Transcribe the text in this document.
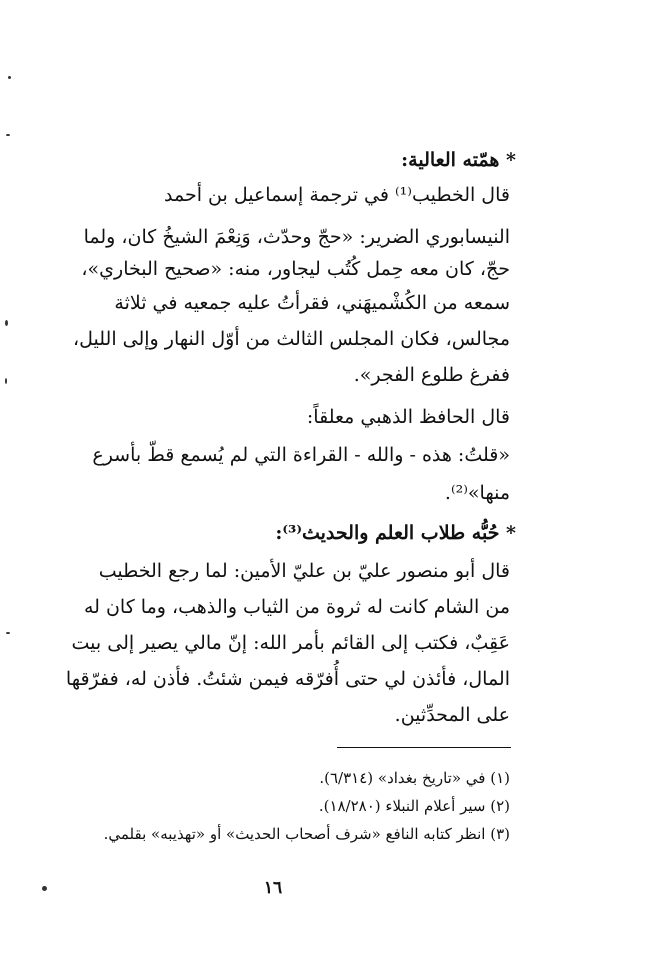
* همّته العالية:
قال الخطيب⁽¹⁾ في ترجمة إسماعيل بن أحمد
النيسابوري الضرير: «حجّ وحدّث، وَنِعْمَ الشيخُ كان، ولما
حجّ، كان معه حِمل كُتُب ليجاور، منه: «صحيح البخاري»،
سمعه من الكُشْميهَني، فقرأتُ عليه جمعيه في ثلاثة
مجالس، فكان المجلس الثالث من أوّل النهار وإلى الليل،
ففرغ طلوع الفجر».
قال الحافظ الذهبي معلقاً:
«قلتُ: هذه - والله - القراءة التي لم يُسمع قطّ بأسرع
منها»⁽²⁾.
* حُبُّه طلاب العلم والحديث⁽³⁾:
قال أبو منصور عليّ بن عليّ الأمين: لما رجع الخطيب
من الشام كانت له ثروة من الثياب والذهب، وما كان له
عَقِبٌ، فكتب إلى القائم بأمر الله: إنّ مالي يصير إلى بيت
المال، فأئذن لي حتى أُفرّقه فيمن شئتُ. فأذن له، ففرّقها
على المحدِّثين.
(١) في «تاريخ بغداد» (٦/٣١٤).
(٢) سير أعلام النبلاء (١٨/٢٨٠).
(٣) انظر كتابه النافع «شرف أصحاب الحديث» أو «تهذيبه» بقلمي.
١٦
